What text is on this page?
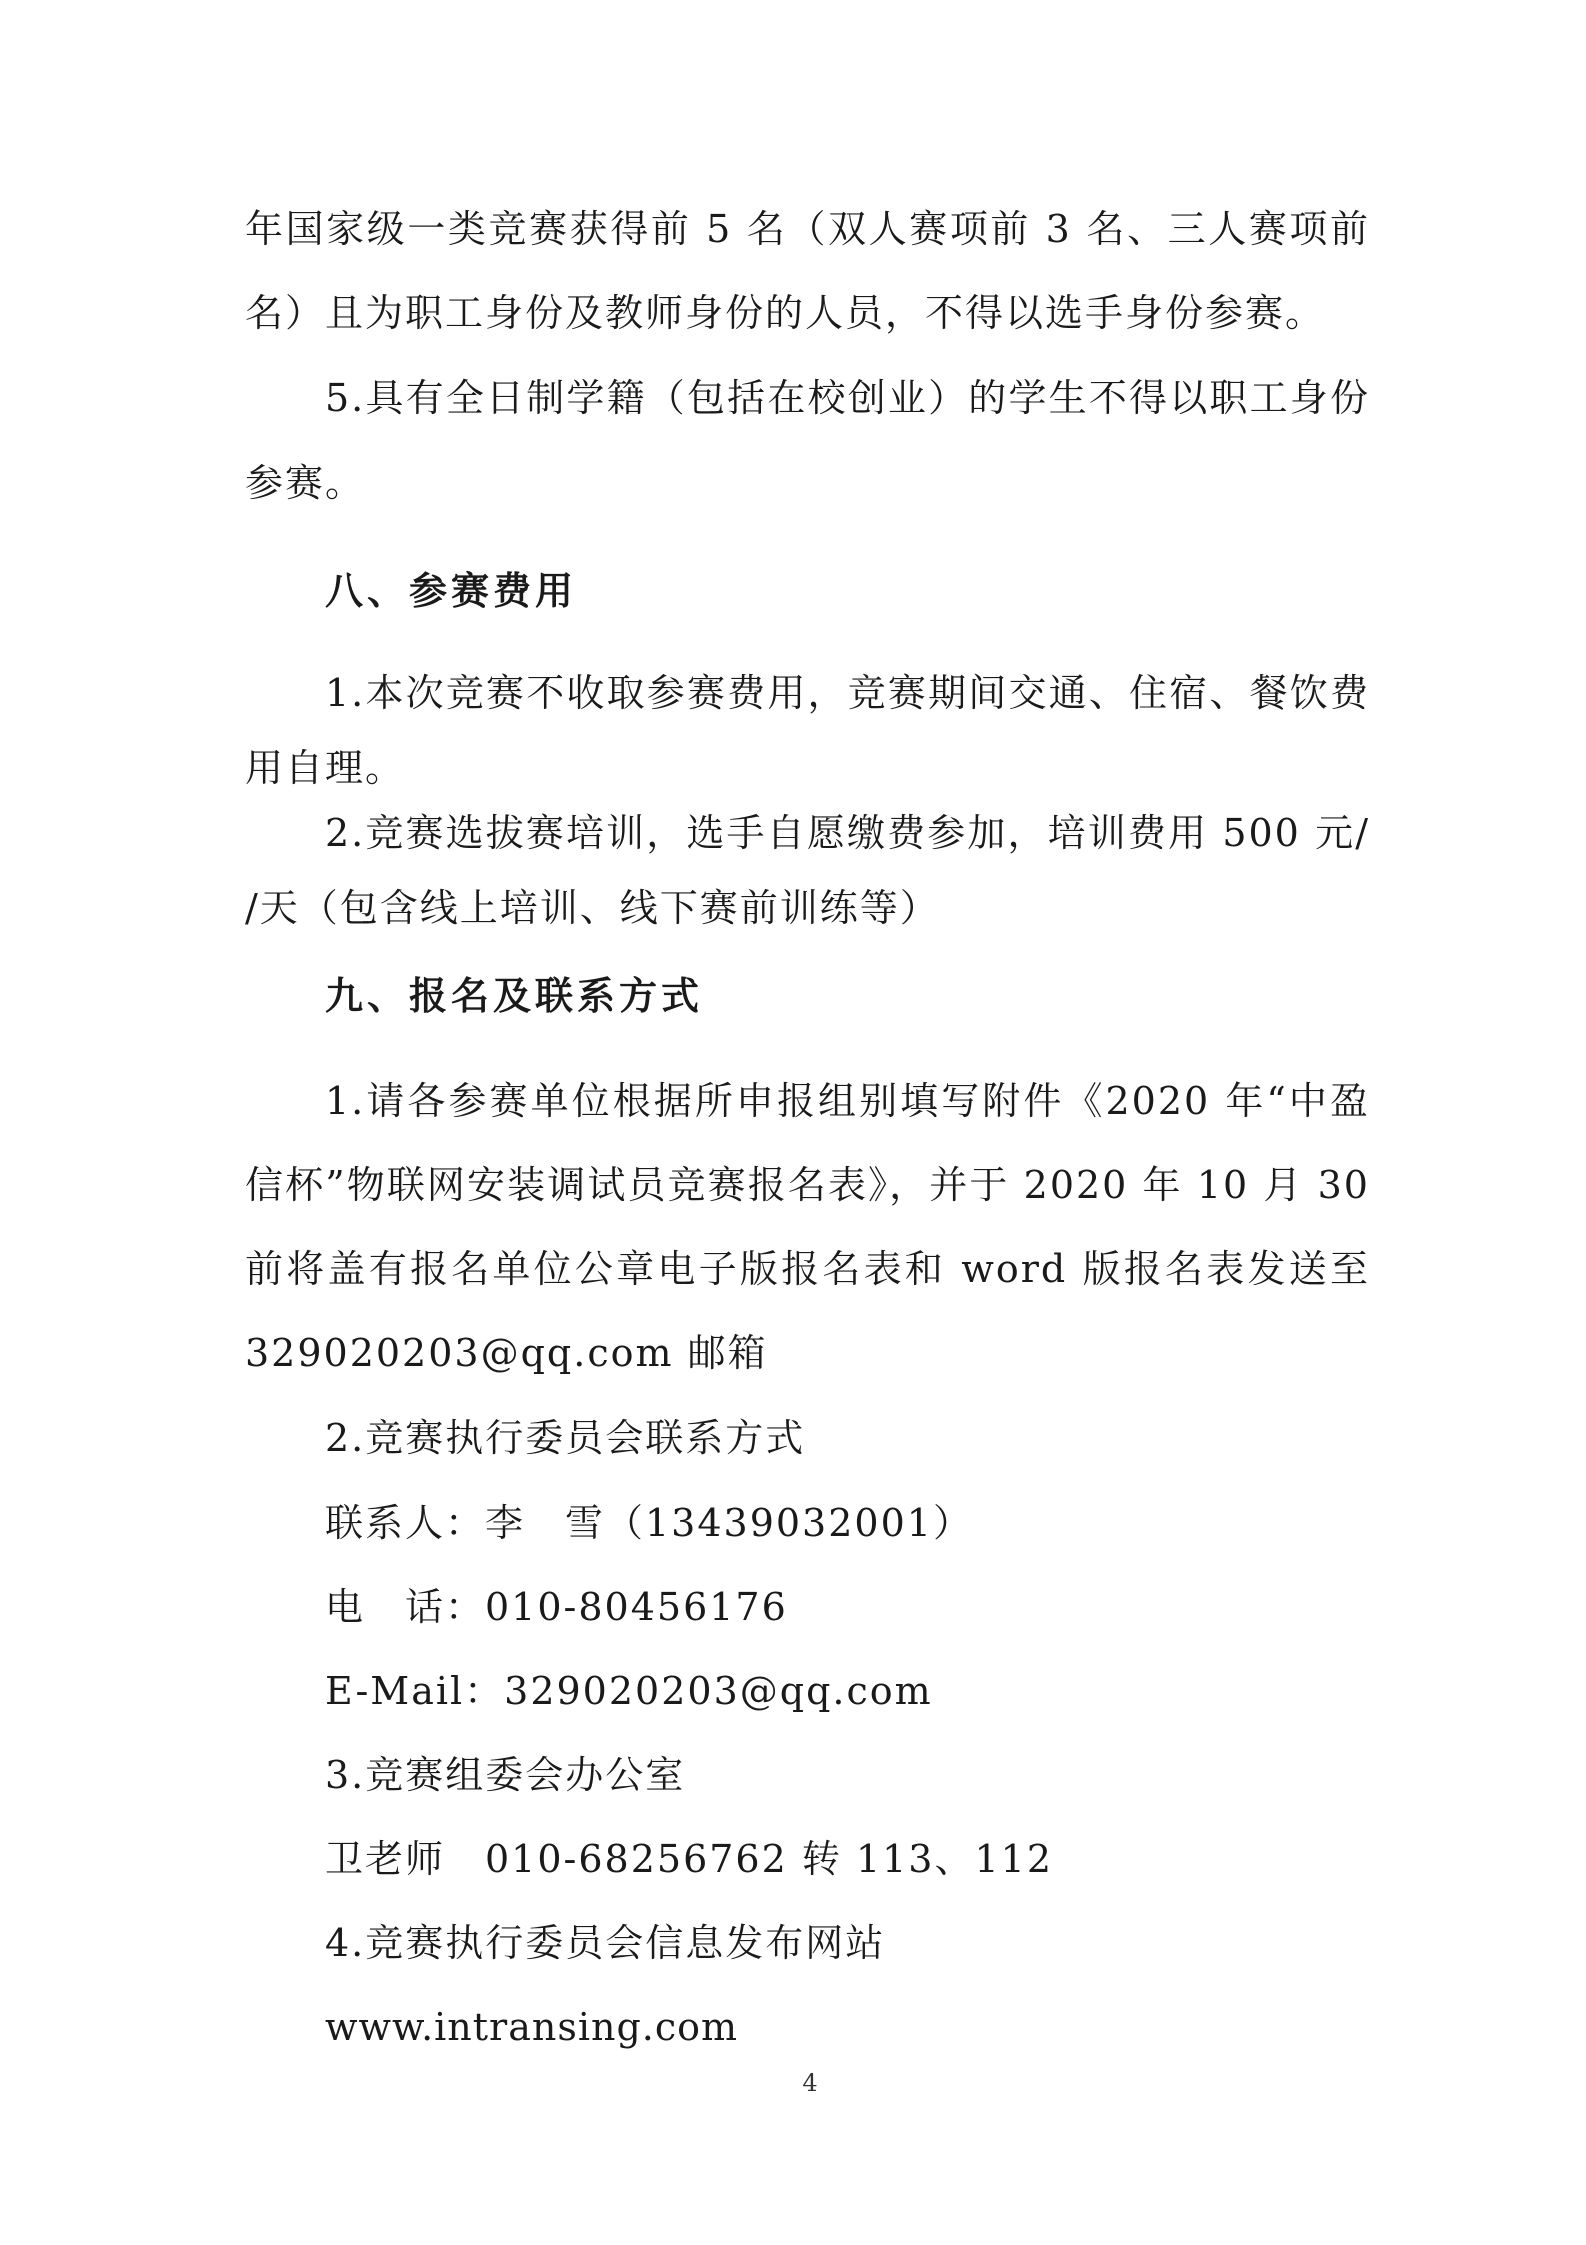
年国家级一类竞赛获得前 5 名（双人赛项前 3 名、三人赛项前
名）且为职工身份及教师身份的人员，不得以选手身份参赛。
5.具有全日制学籍（包括在校创业）的学生不得以职工身份
参赛。
八、参赛费用
1.本次竞赛不收取参赛费用，竞赛期间交通、住宿、餐饮费
用自理。
2.竞赛选拔赛培训，选手自愿缴费参加，培训费用 500 元/
/天（包含线上培训、线下赛前训练等）
九、报名及联系方式
1.请各参赛单位根据所申报组别填写附件《2020 年“中盈
信杯”物联网安装调试员竞赛报名表》，并于 2020 年 10 月 30
前将盖有报名单位公章电子版报名表和 word 版报名表发送至
329020203@qq.com 邮箱
2.竞赛执行委员会联系方式
联系人：李　雪（13439032001）
电　话：010-80456176
E-Mail：329020203@qq.com
3.竞赛组委会办公室
卫老师　010-68256762 转 113、112
4.竞赛执行委员会信息发布网站
www.intransing.com
4
